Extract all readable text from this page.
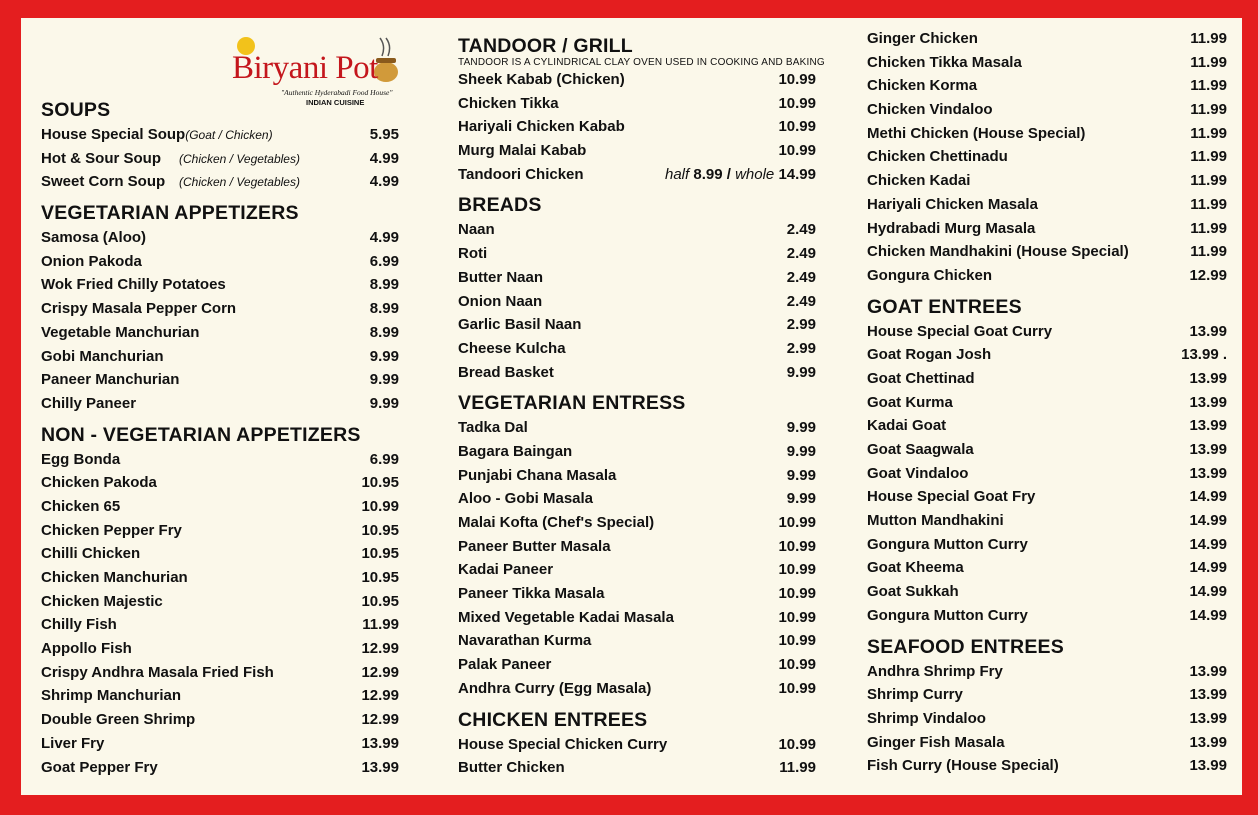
Biryani Pot
"Authentic Hyderabadi Food House"
INDIAN CUISINE
SOUPS
House Special Soup (Goat / Chicken)	5.95
Hot & Sour Soup	(Chicken / Vegetables)	4.99
Sweet Corn Soup	(Chicken / Vegetables)	4.99
VEGETARIAN APPETIZERS
Samosa (Aloo)	4.99
Onion Pakoda	6.99
Wok Fried Chilly Potatoes	8.99
Crispy Masala Pepper Corn	8.99
Vegetable Manchurian	8.99
Gobi Manchurian	9.99
Paneer Manchurian	9.99
Chilly Paneer	9.99
NON - VEGETARIAN APPETIZERS
Egg Bonda	6.99
Chicken Pakoda	10.95
Chicken 65	10.99
Chicken Pepper Fry	10.95
Chilli Chicken	10.95
Chicken Manchurian	10.95
Chicken Majestic	10.95
Chilly Fish	11.99
Appollo Fish	12.99
Crispy Andhra Masala Fried Fish	12.99
Shrimp Manchurian	12.99
Double Green Shrimp	12.99
Liver Fry	13.99
Goat Pepper Fry	13.99
TANDOOR / GRILL
TANDOOR IS A CYLINDRICAL CLAY OVEN USED IN COOKING AND BAKING
Sheek Kabab (Chicken)	10.99
Chicken Tikka	10.99
Hariyali Chicken Kabab	10.99
Murg Malai Kabab	10.99
Tandoori Chicken	half 8.99 / whole 14.99
BREADS
Naan	2.49
Roti	2.49
Butter Naan	2.49
Onion Naan	2.49
Garlic Basil Naan	2.99
Cheese Kulcha	2.99
Bread Basket	9.99
VEGETARIAN ENTRESS
Tadka Dal	9.99
Bagara Baingan	9.99
Punjabi Chana Masala	9.99
Aloo - Gobi Masala	9.99
Malai Kofta (Chef's Special)	10.99
Paneer Butter Masala	10.99
Kadai Paneer	10.99
Paneer Tikka Masala	10.99
Mixed Vegetable Kadai Masala	10.99
Navarathan Kurma	10.99
Palak Paneer	10.99
Andhra Curry (Egg Masala)	10.99
CHICKEN ENTREES
House Special Chicken Curry	10.99
Butter Chicken	11.99
Ginger Chicken	11.99
Chicken Tikka Masala	11.99
Chicken Korma	11.99
Chicken Vindaloo	11.99
Methi Chicken (House Special)	11.99
Chicken Chettinadu	11.99
Chicken Kadai	11.99
Hariyali Chicken Masala	11.99
Hydrabadi Murg Masala	11.99
Chicken Mandhakini (House Special)	11.99
Gongura Chicken	12.99
GOAT ENTREES
House Special Goat Curry	13.99
Goat Rogan Josh	13.99 .
Goat Chettinad	13.99
Goat Kurma	13.99
Kadai Goat	13.99
Goat Saagwala	13.99
Goat Vindaloo	13.99
House Special Goat Fry	14.99
Mutton Mandhakini	14.99
Gongura Mutton Curry	14.99
Goat Kheema	14.99
Goat Sukkah	14.99
Gongura Mutton Curry	14.99
SEAFOOD ENTREES
Andhra Shrimp Fry	13.99
Shrimp Curry	13.99
Shrimp Vindaloo	13.99
Ginger Fish Masala	13.99
Fish Curry (House Special)	13.99
